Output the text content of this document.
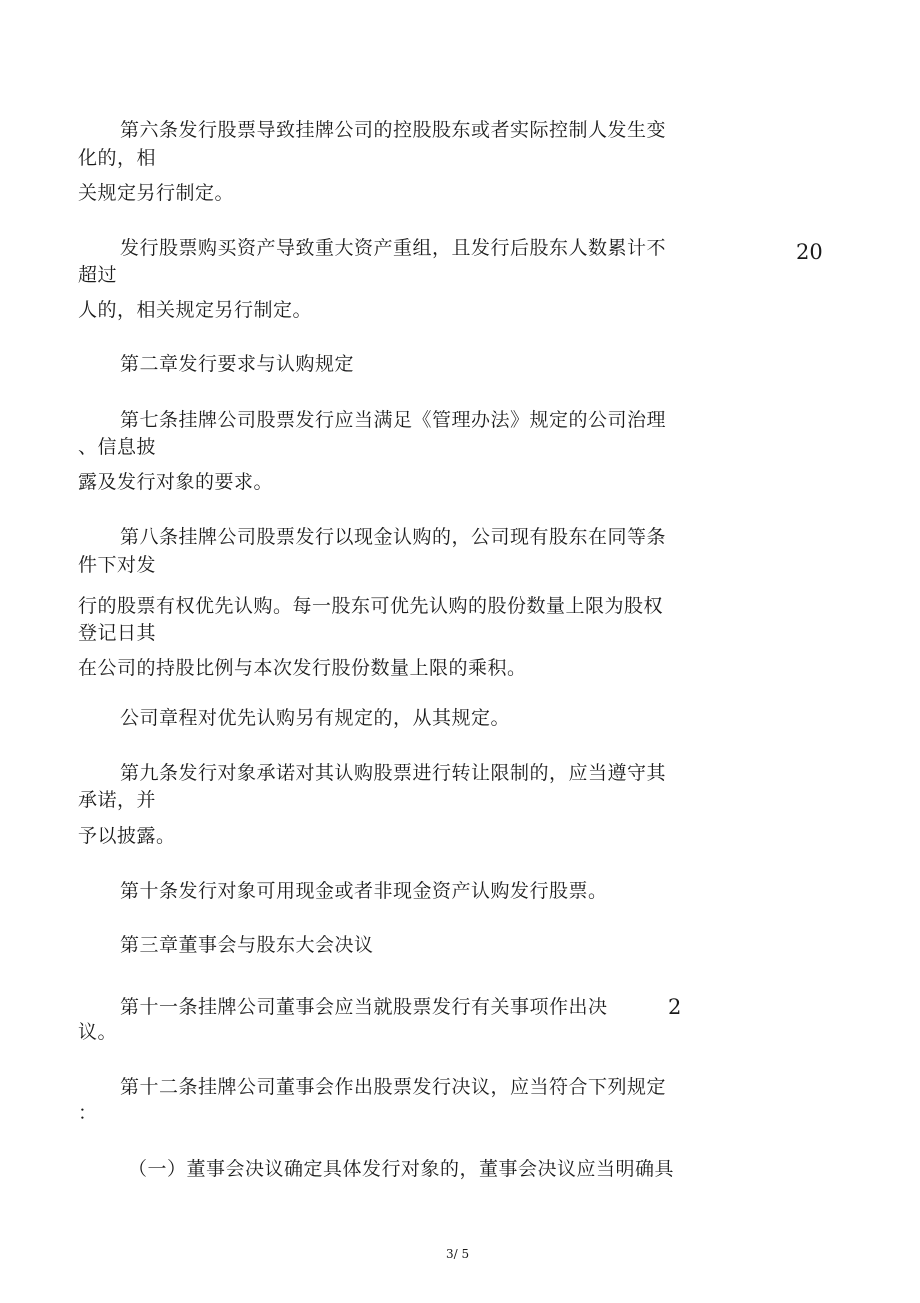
第六条发行股票导致挂牌公司的控股股东或者实际控制人发生变
化的，相
关规定另行制定。
发行股票购买资产导致重大资产重组，且发行后股东人数累计不
超过
人的，相关规定另行制定。
第二章发行要求与认购规定
第七条挂牌公司股票发行应当满足《管理办法》规定的公司治理
、信息披
露及发行对象的要求。
第八条挂牌公司股票发行以现金认购的，公司现有股东在同等条
件下对发
行的股票有权优先认购。每一股东可优先认购的股份数量上限为股权
登记日其
在公司的持股比例与本次发行股份数量上限的乘积。
公司章程对优先认购另有规定的，从其规定。
第九条发行对象承诺对其认购股票进行转让限制的，应当遵守其
承诺，并
予以披露。
第十条发行对象可用现金或者非现金资产认购发行股票。
第三章董事会与股东大会决议
第十一条挂牌公司董事会应当就股票发行有关事项作出决
议。
第十二条挂牌公司董事会作出股票发行决议，应当符合下列规定
：
（一）董事会决议确定具体发行对象的，董事会决议应当明确具
20
2
3/ 5
